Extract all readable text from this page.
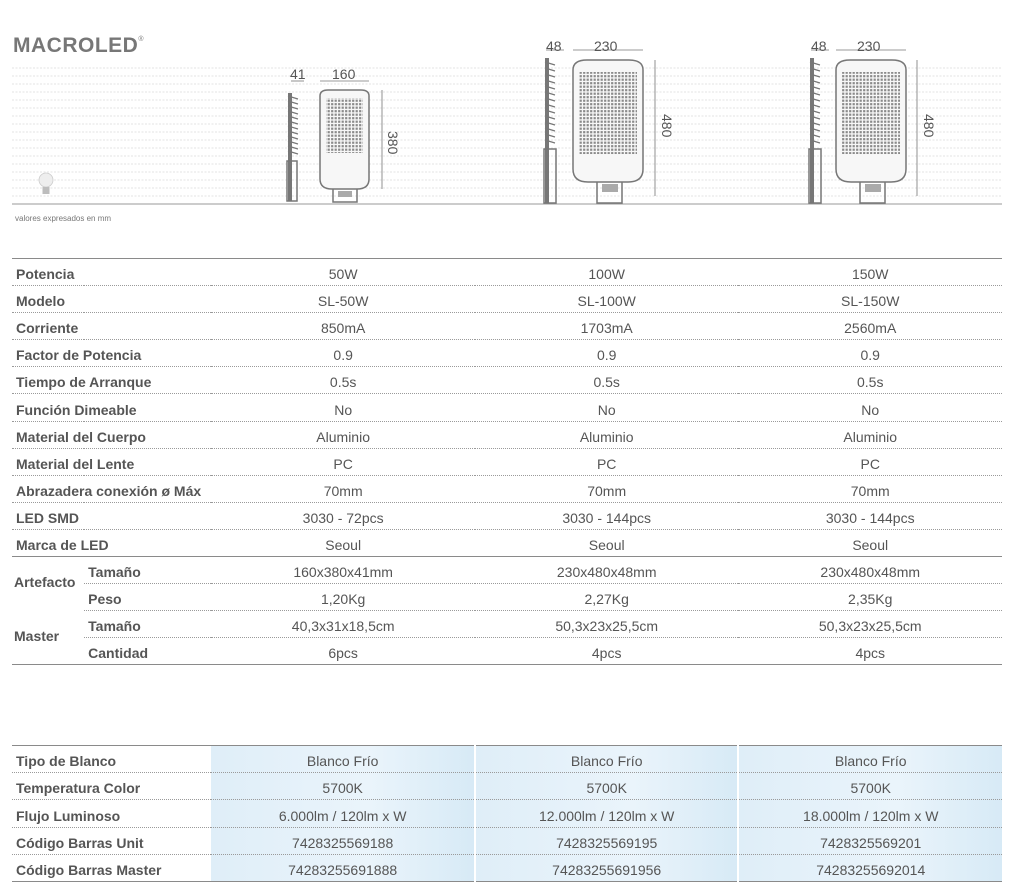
MACROLED®
41 160
380
48 230
480
48 230
480
valores expresados en mm
Potencia		50W	100W	150W
Modelo		SL-50W	SL-100W	SL-150W
Corriente		850mA	1703mA	2560mA
Factor de Potencia		0.9	0.9	0.9
Tiempo de Arranque		0.5s	0.5s	0.5s
Función Dimeable		No	No	No
Material del Cuerpo		Aluminio	Aluminio	Aluminio
Material del Lente		PC	PC	PC
Abrazadera conexión ø Máx		70mm	70mm	70mm
LED SMD		3030 - 72pcs	3030 - 144pcs	3030 - 144pcs
Marca de LED		Seoul	Seoul	Seoul
Artefacto	Tamaño	160x380x41mm	230x480x48mm	230x480x48mm
	Peso	1,20Kg	2,27Kg	2,35Kg
Master	Tamaño	40,3x31x18,5cm	50,3x23x25,5cm	50,3x23x25,5cm
	Cantidad	6pcs	4pcs	4pcs
Tipo de Blanco	Blanco Frío	Blanco Frío	Blanco Frío
Temperatura Color	5700K	5700K	5700K
Flujo Luminoso	6.000lm / 120lm x W	12.000lm / 120lm x W	18.000lm / 120lm x W
Código Barras Unit	7428325569188	7428325569195	7428325569201
Código Barras Master	74283255691888	74283255691956	74283255692014
